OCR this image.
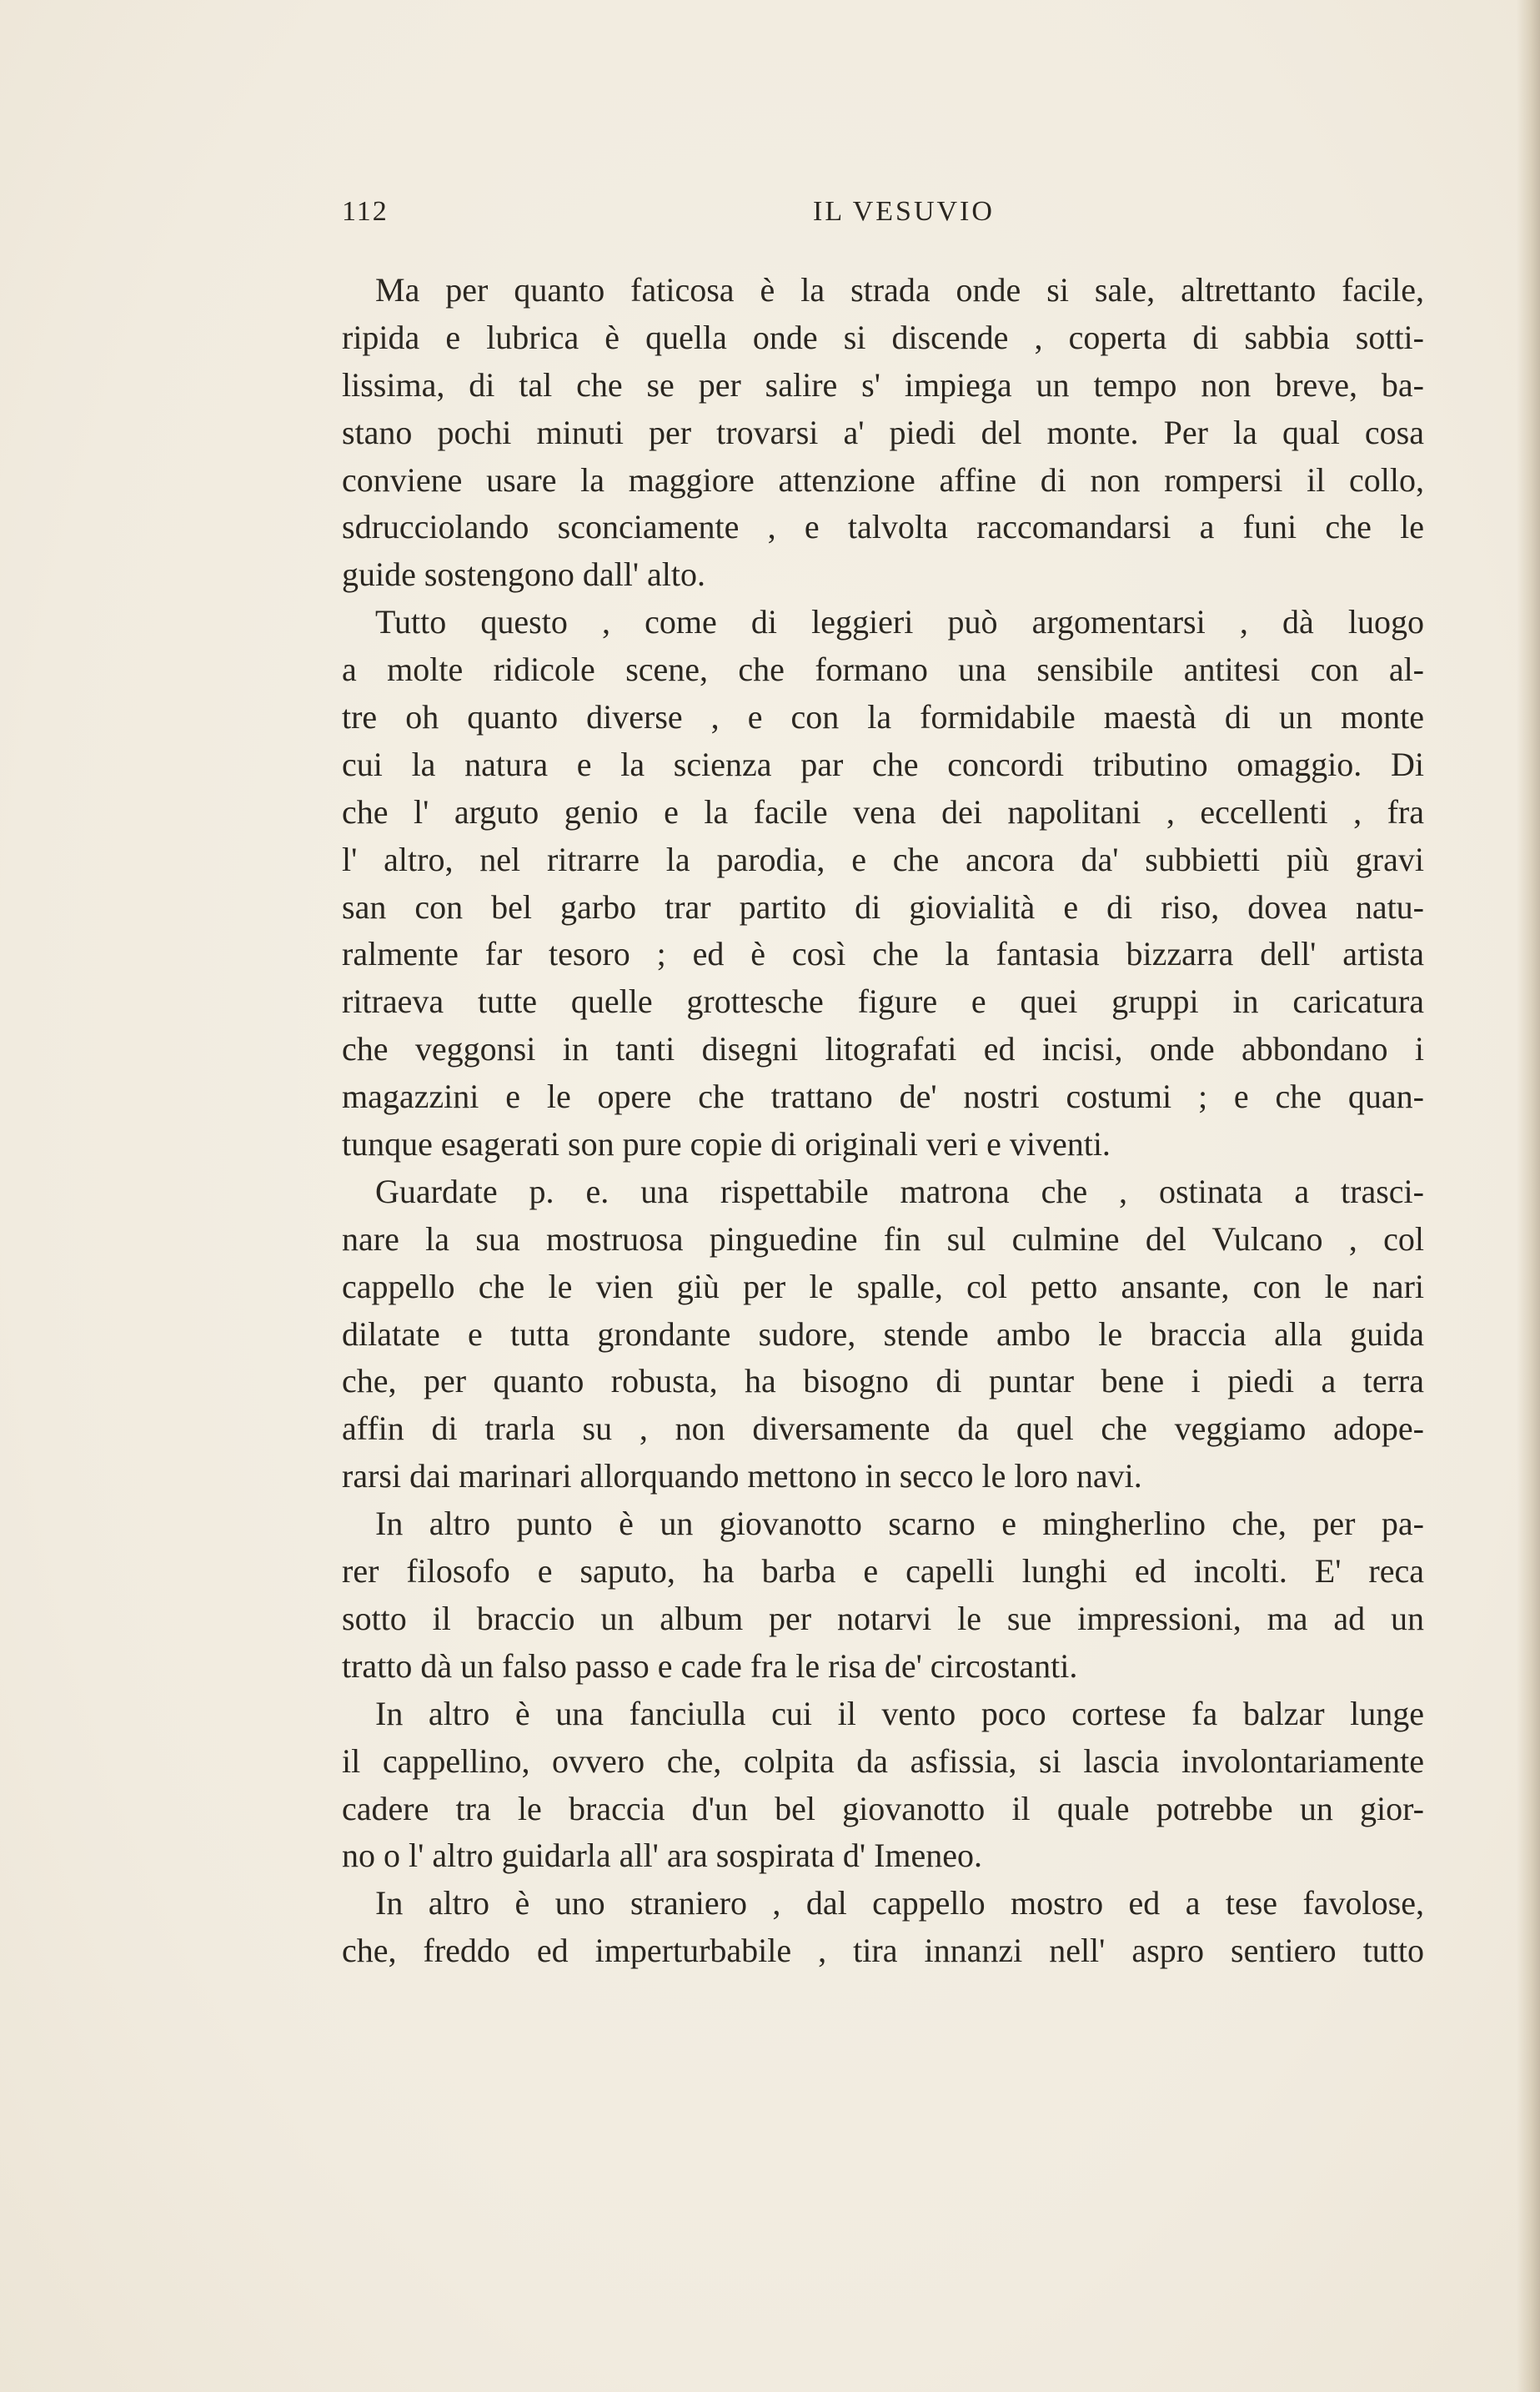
112	IL VESUVIO
Ma per quanto faticosa è la strada onde si sale, altrettanto facile,
ripida e lubrica è quella onde si discende , coperta di sabbia sotti-
lissima, di tal che se per salire s' impiega un tempo non breve, ba-
stano pochi minuti per trovarsi a' piedi del monte. Per la qual cosa
conviene usare la maggiore attenzione affine di non rompersi il collo,
sdrucciolando sconciamente , e talvolta raccomandarsi a funi che le
guide sostengono dall' alto.
Tutto questo , come di leggieri può argomentarsi , dà luogo
a molte ridicole scene, che formano una sensibile antitesi con al-
tre oh quanto diverse , e con la formidabile maestà di un monte
cui la natura e la scienza par che concordi tributino omaggio. Di
che l' arguto genio e la facile vena dei napolitani , eccellenti , fra
l' altro, nel ritrarre la parodia, e che ancora da' subbietti più gravi
san con bel garbo trar partito di giovialità e di riso, dovea natu-
ralmente far tesoro ; ed è così che la fantasia bizzarra dell' artista
ritraeva tutte quelle grottesche figure e quei gruppi in caricatura
che veggonsi in tanti disegni litografati ed incisi, onde abbondano i
magazzini e le opere che trattano de' nostri costumi ; e che quan-
tunque esagerati son pure copie di originali veri e viventi.
Guardate p. e. una rispettabile matrona che , ostinata a trasci-
nare la sua mostruosa pinguedine fin sul culmine del Vulcano , col
cappello che le vien giù per le spalle, col petto ansante, con le nari
dilatate e tutta grondante sudore, stende ambo le braccia alla guida
che, per quanto robusta, ha bisogno di puntar bene i piedi a terra
affin di trarla su , non diversamente da quel che veggiamo adope-
rarsi dai marinari allorquando mettono in secco le loro navi.
In altro punto è un giovanotto scarno e mingherlino che, per pa-
rer filosofo e saputo, ha barba e capelli lunghi ed incolti. E' reca
sotto il braccio un album per notarvi le sue impressioni, ma ad un
tratto dà un falso passo e cade fra le risa de' circostanti.
In altro è una fanciulla cui il vento poco cortese fa balzar lunge
il cappellino, ovvero che, colpita da asfissia, si lascia involontariamente
cadere tra le braccia d'un bel giovanotto il quale potrebbe un gior-
no o l' altro guidarla all' ara sospirata d' Imeneo.
In altro è uno straniero , dal cappello mostro ed a tese favolose,
che, freddo ed imperturbabile , tira innanzi nell' aspro sentiero tutto
